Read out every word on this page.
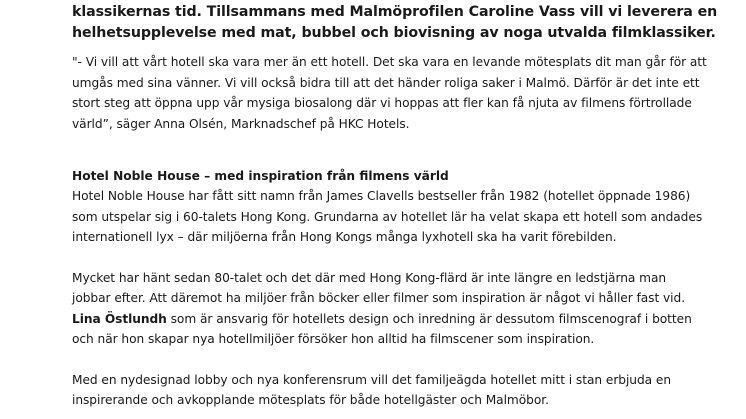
klassikernas tid. Tillsammans med Malmöprofilen Caroline Vass vill vi leverera en
helhetsupplevelse med mat, bubbel och biovisning av noga utvalda filmklassiker.

"- Vi vill att vårt hotell ska vara mer än ett hotell. Det ska vara en levande mötesplats dit man går för att
umgås med sina vänner. Vi vill också bidra till att det händer roliga saker i Malmö. Därför är det inte ett
stort steg att öppna upp vår mysiga biosalong där vi hoppas att fler kan få njuta av filmens förtrollade
värld”, säger Anna Olsén, Marknadschef på HKC Hotels.

Hotel Noble House – med inspiration från filmens värld

Hotel Noble House har fått sitt namn från James Clavells bestseller från 1982 (hotellet öppnade 1986)
som utspelar sig i 60-talets Hong Kong. Grundarna av hotellet lär ha velat skapa ett hotell som andades
internationell lyx – där miljöerna från Hong Kongs många lyxhotell ska ha varit förebilden.

Mycket har hänt sedan 80-talet och det där med Hong Kong-flärd är inte längre en ledstjärna man
jobbar efter. Att däremot ha miljöer från böcker eller filmer som inspiration är något vi håller fast vid.
Lina Östlundh som är ansvarig för hotellets design och inredning är dessutom filmscenograf i botten
och när hon skapar nya hotellmiljöer försöker hon alltid ha filmscener som inspiration.

Med en nydesignad lobby och nya konferensrum vill det familjeägda hotellet mitt i stan erbjuda en
inspirerande och avkopplande mötesplats för både hotellgäster och Malmöbor.
